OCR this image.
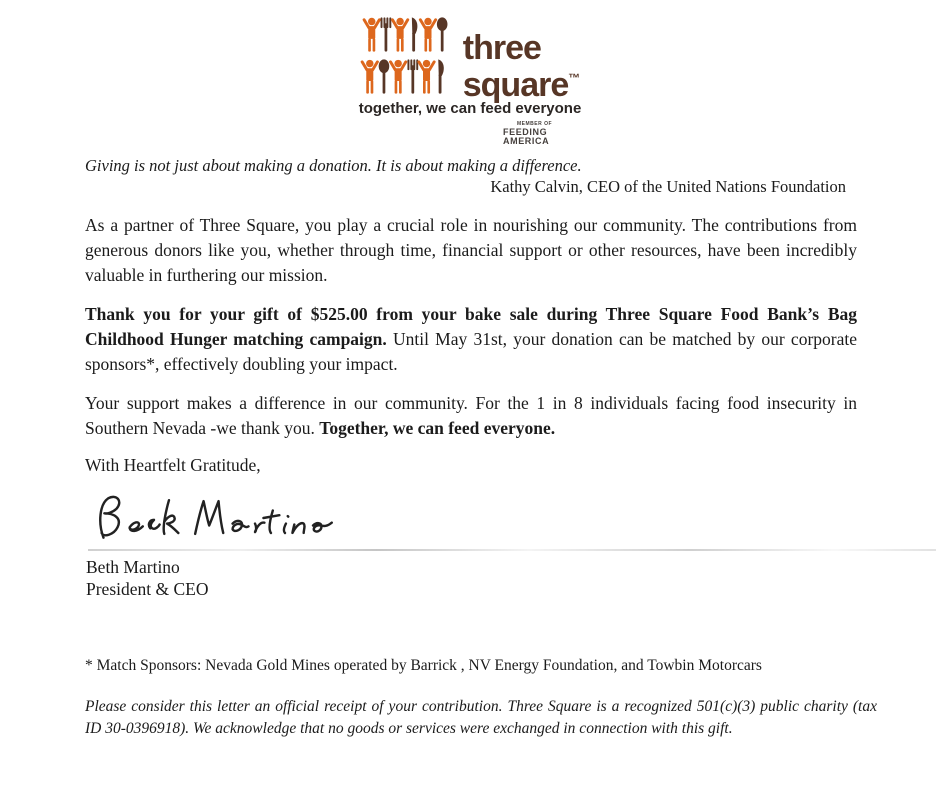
three
square™
together, we can feed everyone
MEMBER OF
FEEDING
AMERICA
Giving is not just about making a donation. It is about making a difference.
Kathy Calvin, CEO of the United Nations Foundation

As a partner of Three Square, you play a crucial role in nourishing our community. The contributions from generous donors like you, whether through time, financial support or other resources, have been incredibly valuable in furthering our mission.

Thank you for your gift of $525.00 from your bake sale during Three Square Food Bank’s Bag Childhood Hunger matching campaign. Until May 31st, your donation can be matched by our corporate sponsors*, effectively doubling your impact.

Your support makes a difference in our community. For the 1 in 8 individuals facing food insecurity in Southern Nevada -we thank you. Together, we can feed everyone.

With Heartfelt Gratitude,
Beth Martino
President & CEO
* Match Sponsors: Nevada Gold Mines operated by Barrick , NV Energy Foundation, and Towbin Motorcars
Please consider this letter an official receipt of your contribution. Three Square is a recognized 501(c)(3) public charity (tax ID 30-0396918). We acknowledge that no goods or services were exchanged in connection with this gift.
